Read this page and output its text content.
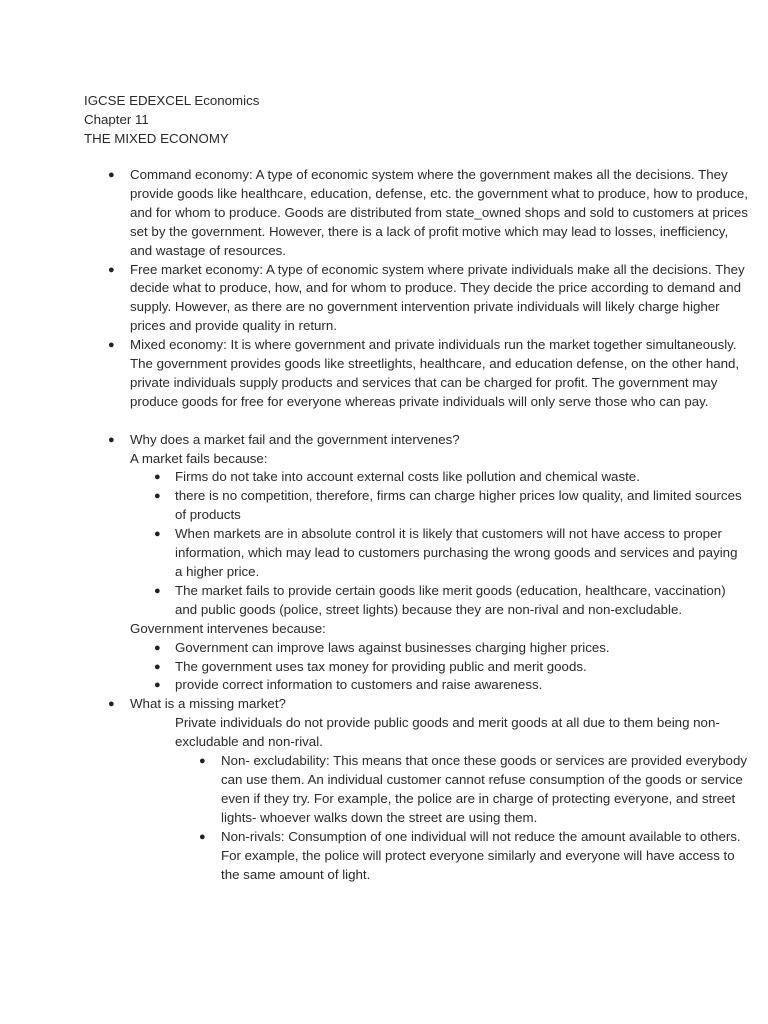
IGCSE EDEXCEL Economics
Chapter 11
THE MIXED ECONOMY
●	Command economy: A type of economic system where the government makes all the decisions. They provide goods like healthcare, education, defense, etc. the government what to produce, how to produce, and for whom to produce. Goods are distributed from state_owned shops and sold to customers at prices set by the government. However, there is a lack of profit motive which may lead to losses, inefficiency, and wastage of resources.
●	Free market economy: A type of economic system where private individuals make all the decisions. They decide what to produce, how, and for whom to produce. They decide the price according to demand and supply. However, as there are no government intervention private individuals will likely charge higher prices and provide quality in return.
●	Mixed economy: It is where government and private individuals run the market together simultaneously. The government provides goods like streetlights, healthcare, and education defense, on the other hand, private individuals supply products and services that can be charged for profit. The government may produce goods for free for everyone whereas private individuals will only serve those who can pay.
●	Why does a market fail and the government intervenes?
A market fails because:
● Firms do not take into account external costs like pollution and chemical waste.
● there is no competition, therefore, firms can charge higher prices low quality, and limited sources of products
● When markets are in absolute control it is likely that customers will not have access to proper information, which may lead to customers purchasing the wrong goods and services and paying a higher price.
● The market fails to provide certain goods like merit goods (education, healthcare, vaccination) and public goods (police, street lights) because they are non-rival and non-excludable.
Government intervenes because:
● Government can improve laws against businesses charging higher prices.
● The government uses tax money for providing public and merit goods.
● provide correct information to customers and raise awareness.
●	What is a missing market?
Private individuals do not provide public goods and merit goods at all due to them being non-excludable and non-rival.
● Non- excludability: This means that once these goods or services are provided everybody can use them. An individual customer cannot refuse consumption of the goods or service even if they try. For example, the police are in charge of protecting everyone, and street lights- whoever walks down the street are using them.
● Non-rivals: Consumption of one individual will not reduce the amount available to others. For example, the police will protect everyone similarly and everyone will have access to the same amount of light.
